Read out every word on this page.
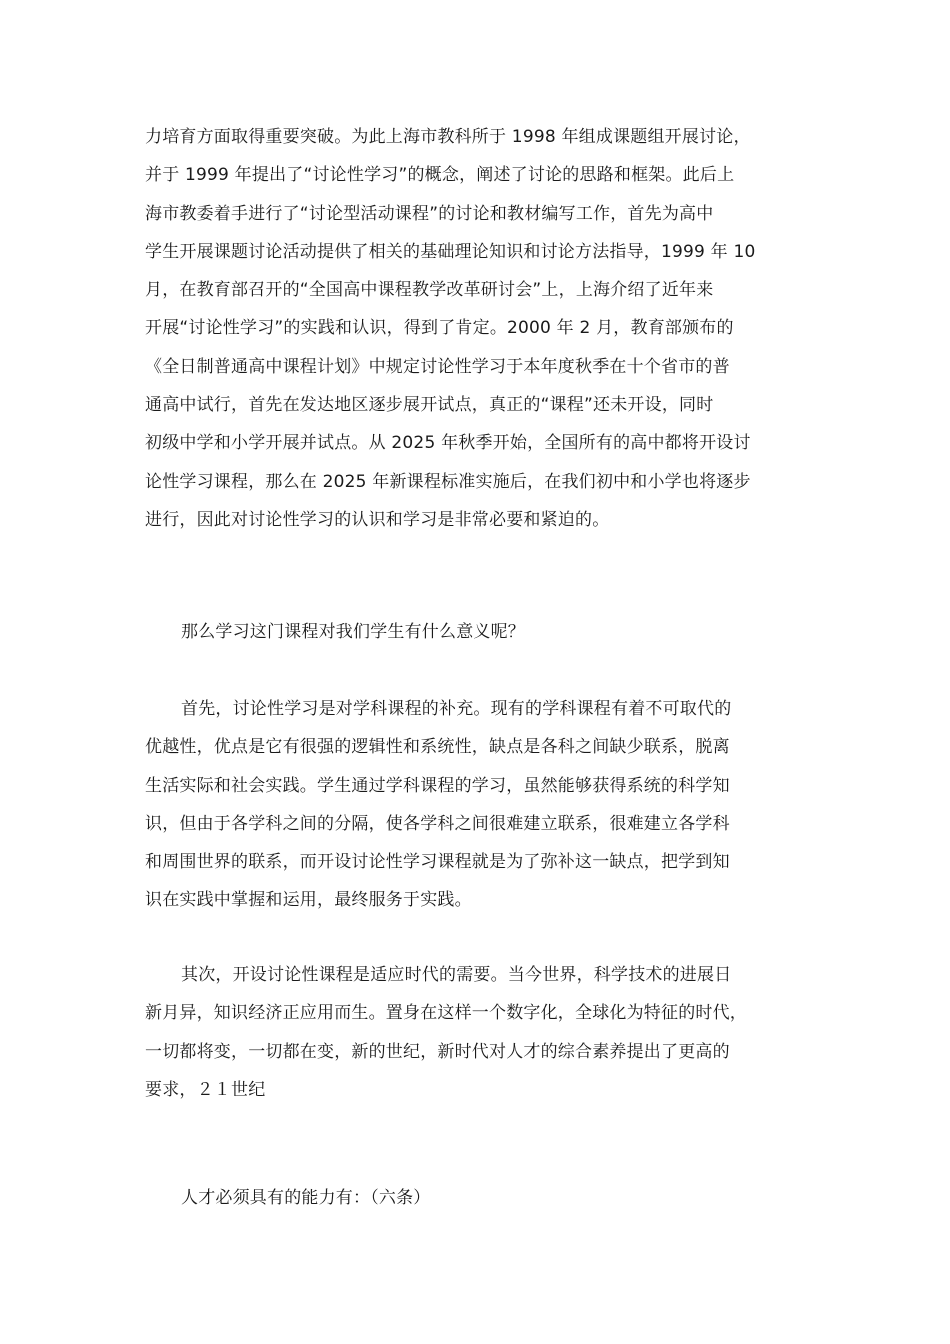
力培育方面取得重要突破。为此上海市教科所于 1998 年组成课题组开展讨论，
并于 1999 年提出了“讨论性学习”的概念，阐述了讨论的思路和框架。此后上
海市教委着手进行了“讨论型活动课程”的讨论和教材编写工作，首先为高中
学生开展课题讨论活动提供了相关的基础理论知识和讨论方法指导，1999 年 10
月，在教育部召开的“全国高中课程教学改革研讨会”上，上海介绍了近年来
开展“讨论性学习”的实践和认识，得到了肯定。2000 年 2 月，教育部颁布的
《全日制普通高中课程计划》中规定讨论性学习于本年度秋季在十个省市的普
通高中试行，首先在发达地区逐步展开试点，真正的“课程”还未开设，同时
初级中学和小学开展并试点。从 2025 年秋季开始，全国所有的高中都将开设讨
论性学习课程，那么在 2025 年新课程标准实施后，在我们初中和小学也将逐步
进行，因此对讨论性学习的认识和学习是非常必要和紧迫的。
那么学习这门课程对我们学生有什么意义呢？
首先，讨论性学习是对学科课程的补充。现有的学科课程有着不可取代的
优越性，优点是它有很强的逻辑性和系统性，缺点是各科之间缺少联系，脱离
生活实际和社会实践。学生通过学科课程的学习，虽然能够获得系统的科学知
识，但由于各学科之间的分隔，使各学科之间很难建立联系，很难建立各学科
和周围世界的联系，而开设讨论性学习课程就是为了弥补这一缺点，把学到知
识在实践中掌握和运用，最终服务于实践。
其次，开设讨论性课程是适应时代的需要。当今世界，科学技术的进展日
新月异，知识经济正应用而生。置身在这样一个数字化，全球化为特征的时代，
一切都将变，一切都在变，新的世纪，新时代对人才的综合素养提出了更高的
要求，２１世纪
人才必须具有的能力有：（六条）
